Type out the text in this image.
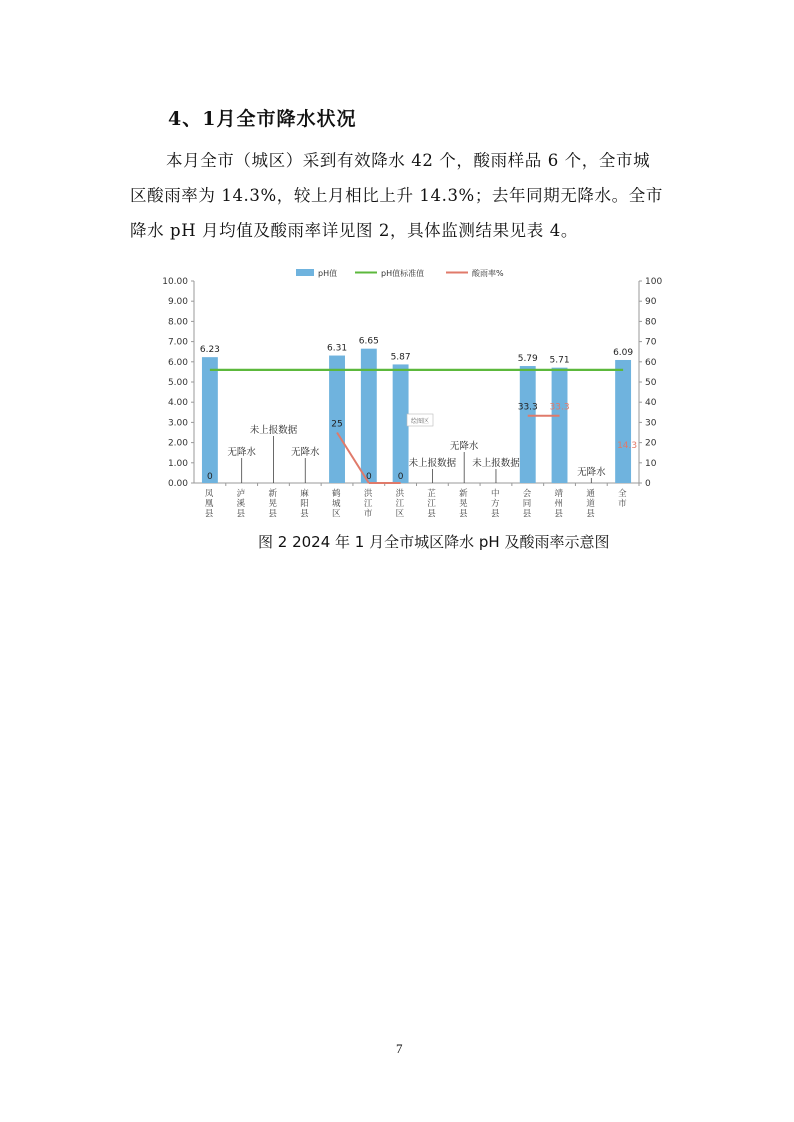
4、1月全市降水状况
本月全市（城区）采到有效降水 42 个，酸雨样品 6 个，全市城
区酸雨率为 14.3%，较上月相比上升 14.3%；去年同期无降水。全市
降水 pH 月均值及酸雨率详见图 2，具体监测结果见表 4。
0.00
1.00
2.00
3.00
4.00
5.00
6.00
7.00
8.00
9.00
10.00
0
10
20
30
40
50
60
70
80
90
100
凤
凰
县
泸
溪
县
新
晃
县
麻
阳
县
鹤
城
区
洪
江
市
洪
江
区
芷
江
县
新
晃
县
中
方
县
会
同
县
靖
州
县
通
道
县
全
市
pH值	pH值标准值	酸雨率%
6.23	6.31
6.65
5.87	5.79 5.71
6.09
0
25
0	0
33.3 33.3
14.3
无降水
未上报数据
无降水
未上报数据
无降水
未上报数据
无降水
绘图区
图 2 2024 年 1 月全市城区降水 pH 及酸雨率示意图
7
